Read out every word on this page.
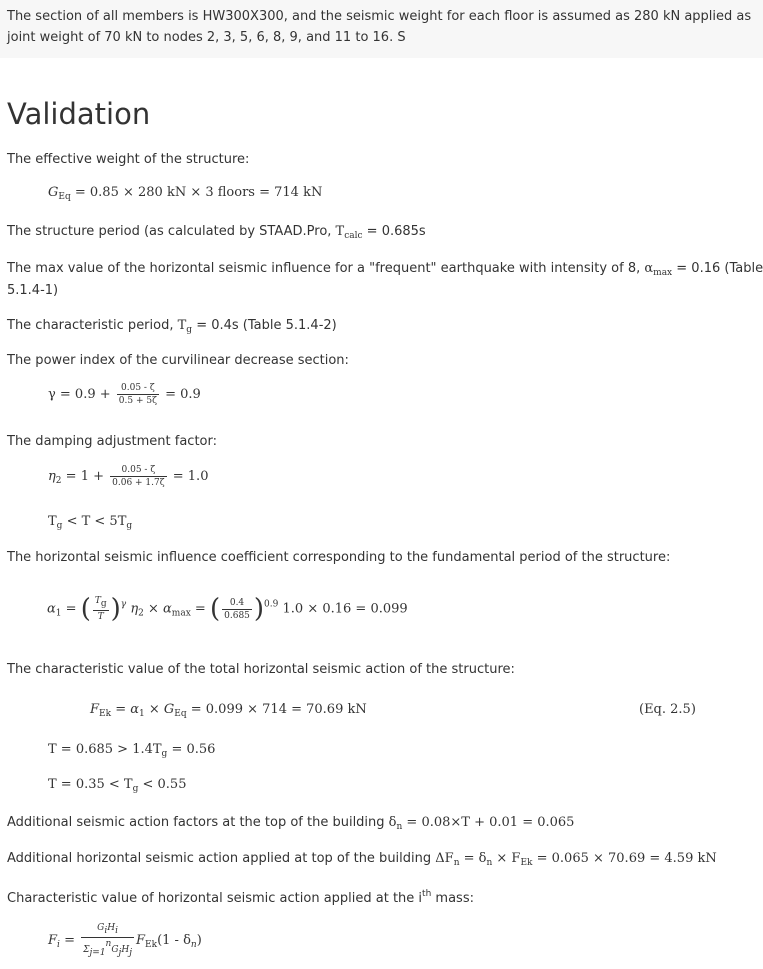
The section of all members is HW300X300, and the seismic weight for each floor is assumed as 280 kN applied as
joint weight of 70 kN to nodes 2, 3, 5, 6, 8, 9, and 11 to 16. S
Validation
The effective weight of the structure:
$G_{Eq} = 0.85 \times 280$ kN × 3 floors = 714 kN
The structure period (as calculated by STAAD.Pro, $T_{calc} = 0.685s$
The max value of the horizontal seismic influence for a "frequent" earthquake with intensity of 8, $\alpha_{max} = 0.16$ (Table
5.1.4-1)
The characteristic period, $T_g = 0.4s$ (Table 5.1.4-2)
The power index of the curvilinear decrease section:
$\gamma = 0.9 + \frac{0.05 - \zeta}{0.5 + 5\zeta} = 0.9$
The damping adjustment factor:
$\eta_2 = 1 + \frac{0.05 - \zeta}{0.06 + 1.7\zeta} = 1.0$
$T_g < T < 5T_g$
The horizontal seismic influence coefficient corresponding to the fundamental period of the structure:
$\alpha_1$ = ( $\frac{Tg}{T} )^\gamma$ $\eta_2 \times \alpha_{max}$ = ( $\frac{0.4}{0.685} )^{0.9}$ 1.0 × 0.16 = 0.099
The characteristic value of the total horizontal seismic action of the structure:
$F_{Ek} = \alpha_1 \times G_{Eq} = 0.099 \times 714 = 70.69$ kN	(Eq. 2.5)
$T = 0.685 > 1.4T_g = 0.56$
$T = 0.35 < T_g < 0.55$
Additional seismic action factors at the top of the building $\delta_n = 0.08\times T + 0.01 = 0.065$
Additional horizontal seismic action applied at top of the building $\Delta F_n = \delta_n \times F_{Ek} = 0.065 \times 70.69 = 4.59$ kN
Characteristic value of horizontal seismic action applied at the $i^{th}$ mass:
$F_i = \frac{\text{GiHi}}{\text{Σj=1nGjHj}} F_{Ek}(1 - \delta_n)$
